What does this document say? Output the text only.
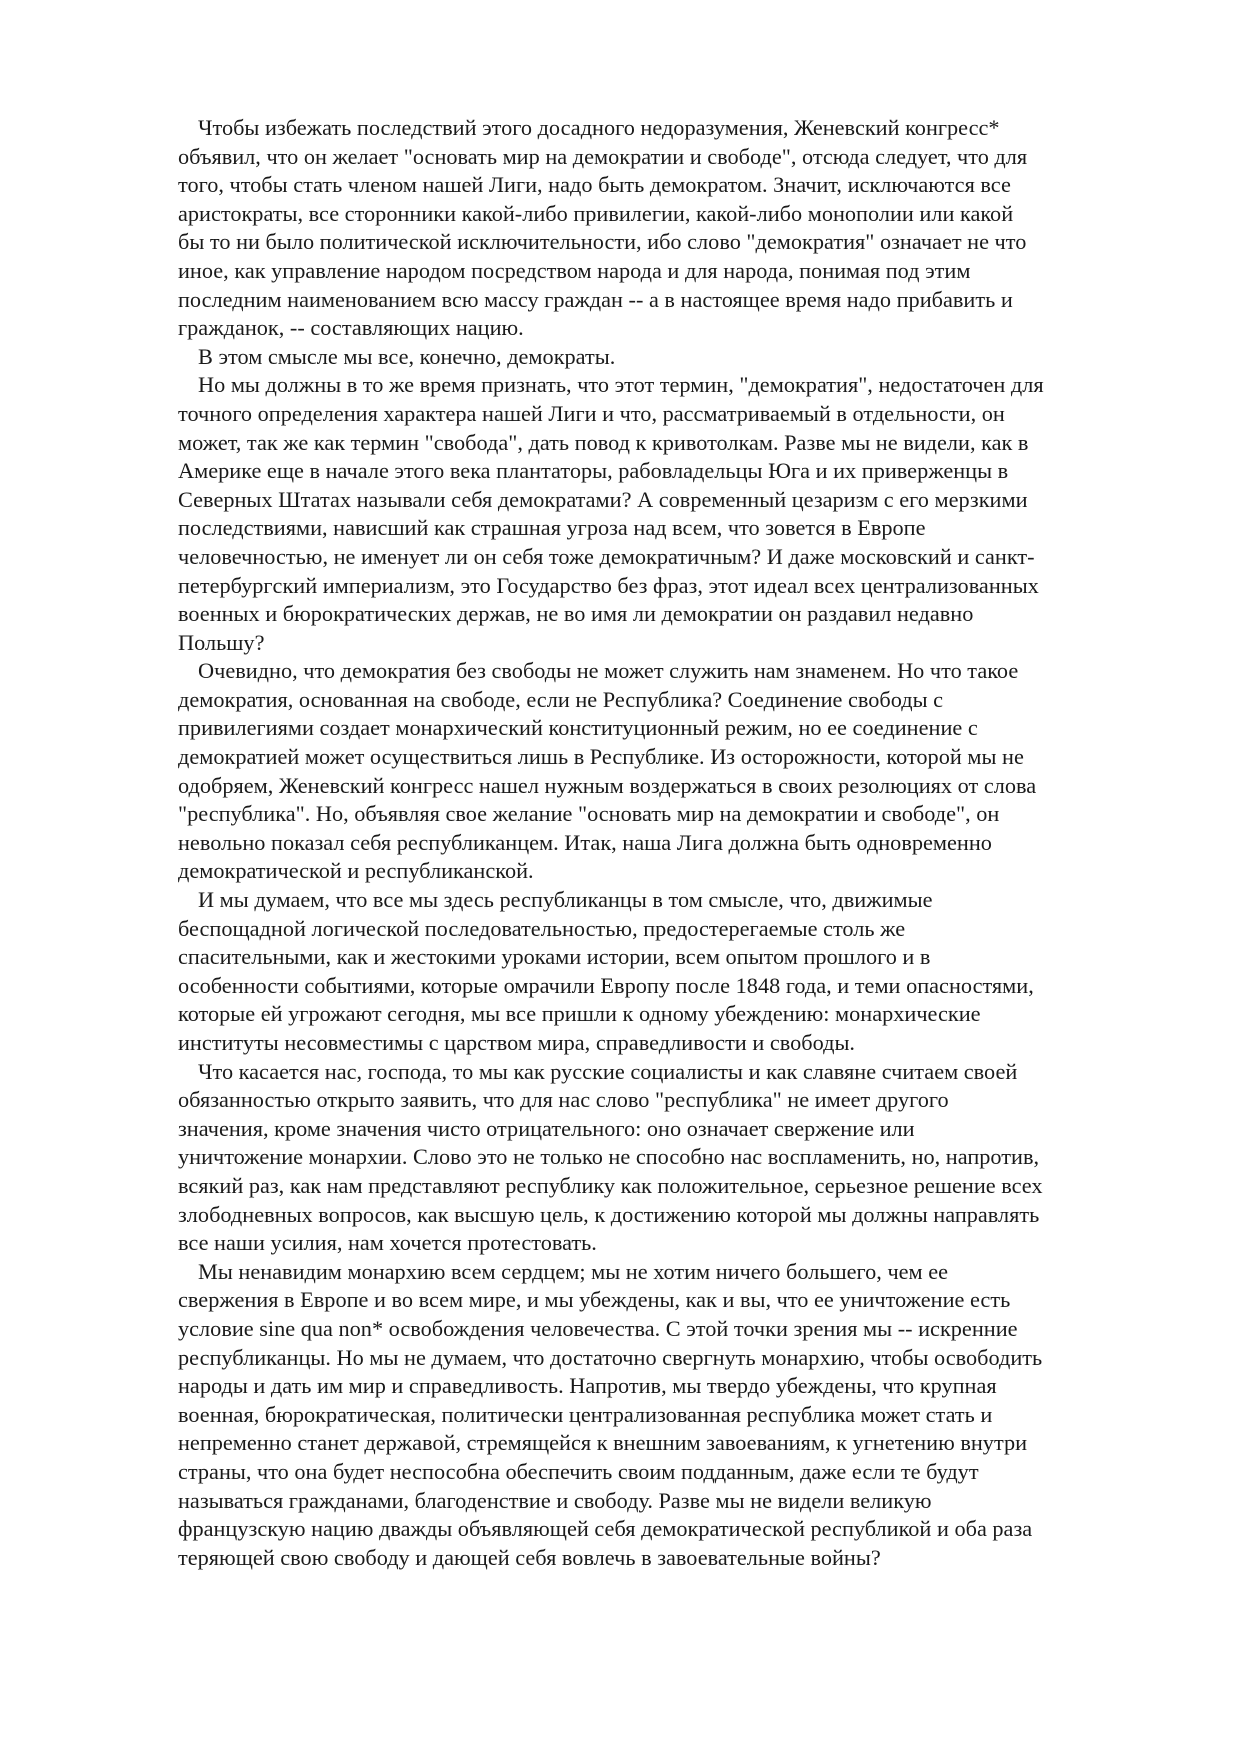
Чтобы избежать последствий этого досадного недоразумения, Женевский конгресс*
объявил, что он желает "основать мир на демократии и свободе", отсюда следует, что для
того, чтобы стать членом нашей Лиги, надо быть демократом. Значит, исключаются все
аристократы, все сторонники какой-либо привилегии, какой-либо монополии или какой
бы то ни было политической исключительности, ибо слово "демократия" означает не что
иное, как управление народом посредством народа и для народа, понимая под этим
последним наименованием всю массу граждан -- а в настоящее время надо прибавить и
гражданок, -- составляющих нацию.

В этом смысле мы все, конечно, демократы.

Но мы должны в то же время признать, что этот термин, "демократия", недостаточен для
точного определения характера нашей Лиги и что, рассматриваемый в отдельности, он
может, так же как термин "свобода", дать повод к кривотолкам. Разве мы не видели, как в
Америке еще в начале этого века плантаторы, рабовладельцы Юга и их приверженцы в
Северных Штатах называли себя демократами? А современный цезаризм с его мерзкими
последствиями, нависший как страшная угроза над всем, что зовется в Европе
человечностью, не именует ли он себя тоже демократичным? И даже московский и санкт-
петербургский империализм, это Государство без фраз, этот идеал всех централизованных
военных и бюрократических держав, не во имя ли демократии он раздавил недавно
Польшу?

Очевидно, что демократия без свободы не может служить нам знаменем. Но что такое
демократия, основанная на свободе, если не Республика? Соединение свободы с
привилегиями создает монархический конституционный режим, но ее соединение с
демократией может осуществиться лишь в Республике. Из осторожности, которой мы не
одобряем, Женевский конгресс нашел нужным воздержаться в своих резолюциях от слова
"республика". Но, объявляя свое желание "основать мир на демократии и свободе", он
невольно показал себя республиканцем. Итак, наша Лига должна быть одновременно
демократической и республиканской.

И мы думаем, что все мы здесь республиканцы в том смысле, что, движимые
беспощадной логической последовательностью, предостерегаемые столь же
спасительными, как и жестокими уроками истории, всем опытом прошлого и в
особенности событиями, которые омрачили Европу после 1848 года, и теми опасностями,
которые ей угрожают сегодня, мы все пришли к одному убеждению: монархические
институты несовместимы с царством мира, справедливости и свободы.

Что касается нас, господа, то мы как русские социалисты и как славяне считаем своей
обязанностью открыто заявить, что для нас слово "республика" не имеет другого
значения, кроме значения чисто отрицательного: оно означает свержение или
уничтожение монархии. Слово это не только не способно нас воспламенить, но, напротив,
всякий раз, как нам представляют республику как положительное, серьезное решение всех
злободневных вопросов, как высшую цель, к достижению которой мы должны направлять
все наши усилия, нам хочется протестовать.

Мы ненавидим монархию всем сердцем; мы не хотим ничего большего, чем ее
свержения в Европе и во всем мире, и мы убеждены, как и вы, что ее уничтожение есть
условие sine qua non* освобождения человечества. С этой точки зрения мы -- искренние
республиканцы. Но мы не думаем, что достаточно свергнуть монархию, чтобы освободить
народы и дать им мир и справедливость. Напротив, мы твердо убеждены, что крупная
военная, бюрократическая, политически централизованная республика может стать и
непременно станет державой, стремящейся к внешним завоеваниям, к угнетению внутри
страны, что она будет неспособна обеспечить своим подданным, даже если те будут
называться гражданами, благоденствие и свободу. Разве мы не видели великую
французскую нацию дважды объявляющей себя демократической республикой и оба раза
теряющей свою свободу и дающей себя вовлечь в завоевательные войны?
